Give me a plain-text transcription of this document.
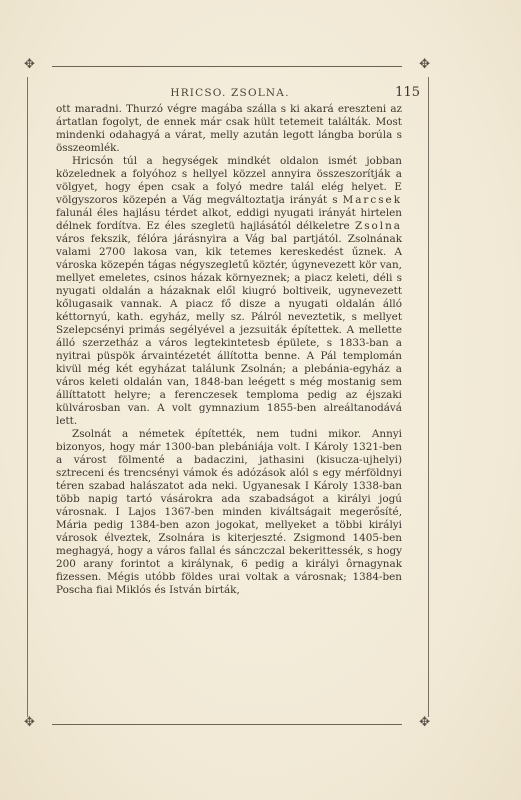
✥	✥
HRICSO. ZSOLNA.	115

ott maradni. Thurzó végre magába szálla s ki akará ereszteni az ártatlan fogolyt, de ennek már csak hült tetemeit találták. Most mindenki odahagyá a várat, melly azután legott lángba borúla s összeomlék.

Hricsón túl a hegységek mindkét oldalon ismét jobban közelednek a folyóhoz s hellyel közzel annyira összeszorítják a völgyet, hogy épen csak a folyó medre talál elég helyet. E völgyszoros közepén a Vág megváltoztatja irányát s Marcsek falunál éles hajlásu térdet alkot, eddigi nyugati irányát hirtelen délnek fordítva. Ez éles szegletü hajlásától délkeletre Zsolna város fekszik, félóra járásnyira a Vág bal partjától. Zsolnának valami 2700 lakosa van, kik tetemes kereskedést űznek. A városka közepén tágas négyszegletű köztér, úgynevezett kör van, mellyet emeletes, csinos házak környeznek; a piacz keleti, déli s nyugati oldalán a házaknak elől kiugró boltiveik, ugynevezett kőlugasaik vannak. A piacz fő disze a nyugati oldalán álló kéttornyú, kath. egyház, melly sz. Pálról neveztetik, s mellyet Szelepcsényi primás segélyével a jezsuiták építettek. A mellette álló szerzetház a város legtekintetesb épülete, s 1833-ban a nyitrai püspök árvaintézetét állította benne. A Pál templomán kivül még két egyházat találunk Zsolnán; a plebánia-egyház a város keleti oldalán van, 1848-ban leégett s még mostanig sem állíttatott helyre; a ferenczesek temploma pedig az éjszaki külvárosban van. A volt gymnazium 1855-ben alreáltanodává lett.

Zsolnát a németek építették, nem tudni mikor. Annyi bizonyos, hogy már 1300-ban plebániája volt. I Károly 1321-ben a várost fölmenté a badaczini, jathasini (kisucza-ujhelyi) sztreceni és trencsényi vámok és adózások alól s egy mérföldnyi téren szabad halászatot ada neki. Ugyanesak I Károly 1338-ban több napig tartó vásárokra ada szabadságot a királyi jogú városnak. I Lajos 1367-ben minden kiváltságait megerősíté, Mária pedig 1384-ben azon jogokat, mellyeket a többi királyi városok élveztek, Zsolnára is kiterjeszté. Zsigmond 1405-ben meghagyá, hogy a város fallal és sánczczal bekerittessék, s hogy 200 arany forintot a királynak, 6 pedig a királyi ôrnagynak fizessen. Mégis utóbb földes urai voltak a városnak; 1384-ben Poscha fiai Miklós és István birták,

✥	✥
